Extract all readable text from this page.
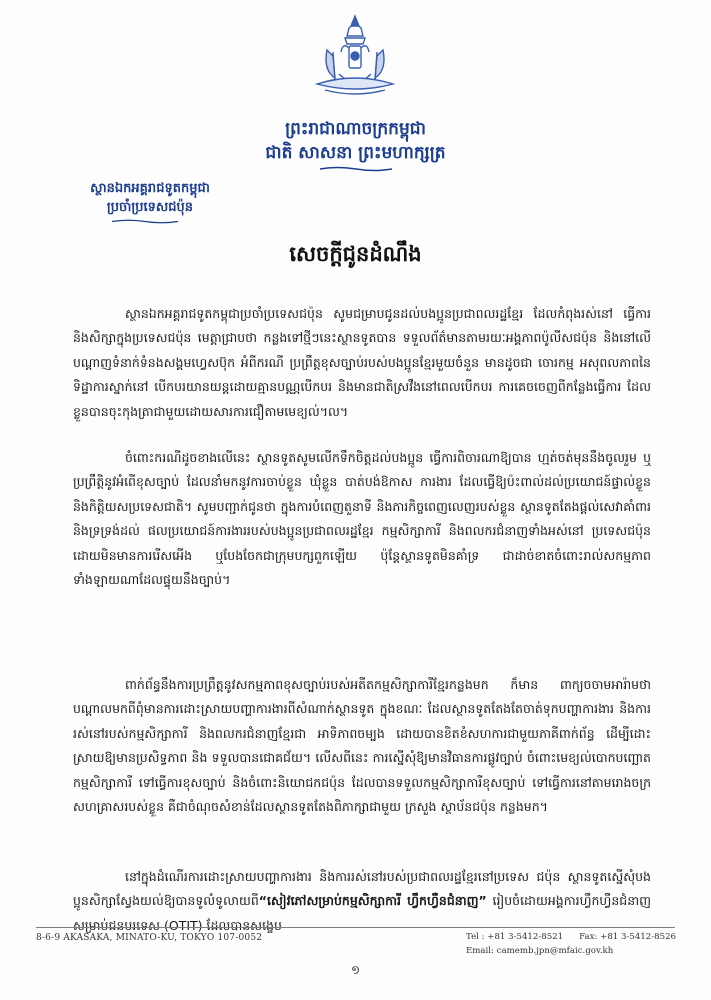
ព្រះរាជាណាចក្រកម្ពុជា
ជាតិ សាសនា ព្រះមហាក្សត្រ
ស្ថានឯកអគ្គរាជទូតកម្ពុជា
ប្រចាំប្រទេសជប៉ុន
សេចក្តីជូនដំណឹង

ស្ថានឯកអគ្គរាជទូតកម្ពុជាប្រចាំប្រទេសជប៉ុន សូមជម្រាបជូនដល់បងប្អូនប្រជាពលរដ្ឋខ្មែរ ដែលកំពុងរស់នៅ ធ្វើការ និងសិក្សាក្នុងប្រទេសជប៉ុន មេត្តាជ្រាបថា កន្លងទៅថ្មីៗនេះស្ថានទូតបាន ទទួលព័ត៌មានតាមរយៈអង្គភាពប៉ូលីសជប៉ុន និងនៅលើបណ្តាញទំនាក់ទំនងសង្គមហ្វេសប៊ុក អំពីករណី ប្រព្រឹត្តខុសច្បាប់របស់បងប្អូនខ្មែរមួយចំនួន មានដូចជា ចោរកម្ម អសុពលភាពនៃទិដ្ឋាការស្នាក់នៅ បើកបរយានយន្តដោយគ្មានបណ្ណបើកបរ និងមានជាតិស្រវឹងនៅពេលបើកបរ ការគេចចេញពីកន្លែងធ្វើការ ដែលខ្លួនបានចុះកុងត្រាជាមួយដោយសារការជឿតាមមេខ្យល់។ល។

ចំពោះករណីដូចខាងលើនេះ ស្ថានទូតសូមលើកទឹកចិត្តដល់បងប្អូន ធ្វើការពិចារណាឱ្យបាន ហ្មត់ចត់មុននឹងចូលរួម ឬប្រព្រឹត្តិនូវអំពើខុសច្បាប់ ដែលនាំមកនូវការចាប់ខ្លួន ឃុំខ្លួន បាត់បង់ឱកាស ការងារ ដែលធ្វើឱ្យប៉ះពាល់ដល់ប្រយោជន៍ផ្ទាល់ខ្លួន និងកិត្តិយសប្រទេសជាតិ។ សូមបញ្ជាក់ជូនថា ក្នុងការបំពេញតួនាទី និងភារកិច្ចពេញលេញរបស់ខ្លួន ស្ថានទូតតែងផ្តល់សេវាគាំពារ និងទ្រទ្រង់ដល់ ផលប្រយោជន៍ការងាររបស់បងប្អូនប្រជាពលរដ្ឋខ្មែរ កម្មសិក្សាការី និងពលករជំនាញទាំងអស់នៅ ប្រទេសជប៉ុន ដោយមិនមានការរើសអើង ឬបែងចែកជាក្រុមបក្សពួកឡើយ ប៉ុន្តែស្ថានទូតមិនគាំទ្រ ជាដាច់ខាតចំពោះរាល់សកម្មភាពទាំងឡាយណាដែលផ្ទុយនឹងច្បាប់។

ពាក់ព័ន្ធនឹងការប្រព្រឹត្តនូវសកម្មភាពខុសច្បាប់របស់អតីតកម្មសិក្សាការីខ្មែរកន្លងមក ក៏មាន ពាក្យចចាមអារ៉ាមថា បណ្តាលមកពីពុំមានការដោះស្រាយបញ្ហាការងារពីសំណាក់ស្ថានទូត ក្នុងខណៈ ដែលស្ថានទូតតែងតែចាត់ទុកបញ្ហាការងារ និងការរស់នៅរបស់កម្មសិក្សាការី និងពលករជំនាញខ្មែរជា អាទិភាពចម្បង ដោយបានខិតខំសហការជាមួយភាគីពាក់ព័ន្ធ ដើម្បីដោះស្រាយឱ្យមានប្រសិទ្ធភាព និង ទទួលបានជោគជ័យ។ លើសពីនេះ ការស្នើសុំឱ្យមានវិធានការផ្លូវច្បាប់ ចំពោះមេខ្យល់បោកបញ្ឆោត កម្មសិក្សាការី ទៅធ្វើការខុសច្បាប់ និងចំពោះនិយោជកជប៉ុន ដែលបានទទួលកម្មសិក្សាការីខុសច្បាប់ ទៅធ្វើការនៅតាមរោងចក្រ សហគ្រាសរបស់ខ្លួន គឺជាចំណុចសំខាន់ដែលស្ថានទូតតែងពិភាក្សាជាមួយ ក្រសួង ស្ថាប័នជប៉ុន កន្លងមក។

នៅក្នុងដំណើរការដោះស្រាយបញ្ហាការងារ និងការរស់នៅរបស់ប្រជាពលរដ្ឋខ្មែរនៅប្រទេស ជប៉ុន ស្ថានទូតស្នើសុំបងប្អូនសិក្សាស្វែងយល់ឱ្យបានទូលំទូលាយពី“សៀវភៅសម្រាប់កម្មសិក្សាការី ហ្វឹកហ្វឺនជំនាញ” រៀបចំដោយអង្គការហ្វឹកហ្វឺនជំនាញសម្រាប់ជនបរទេស (OTIT) ដែលបានសង្ខេប

8-6-9 AKASAKA, MINATO-KU, TOKYO 107-0052	Tel : +81 3-5412-8521 Fax: +81 3-5412-8526
Email: camemb.jpn@mfaic.gov.kh
១
